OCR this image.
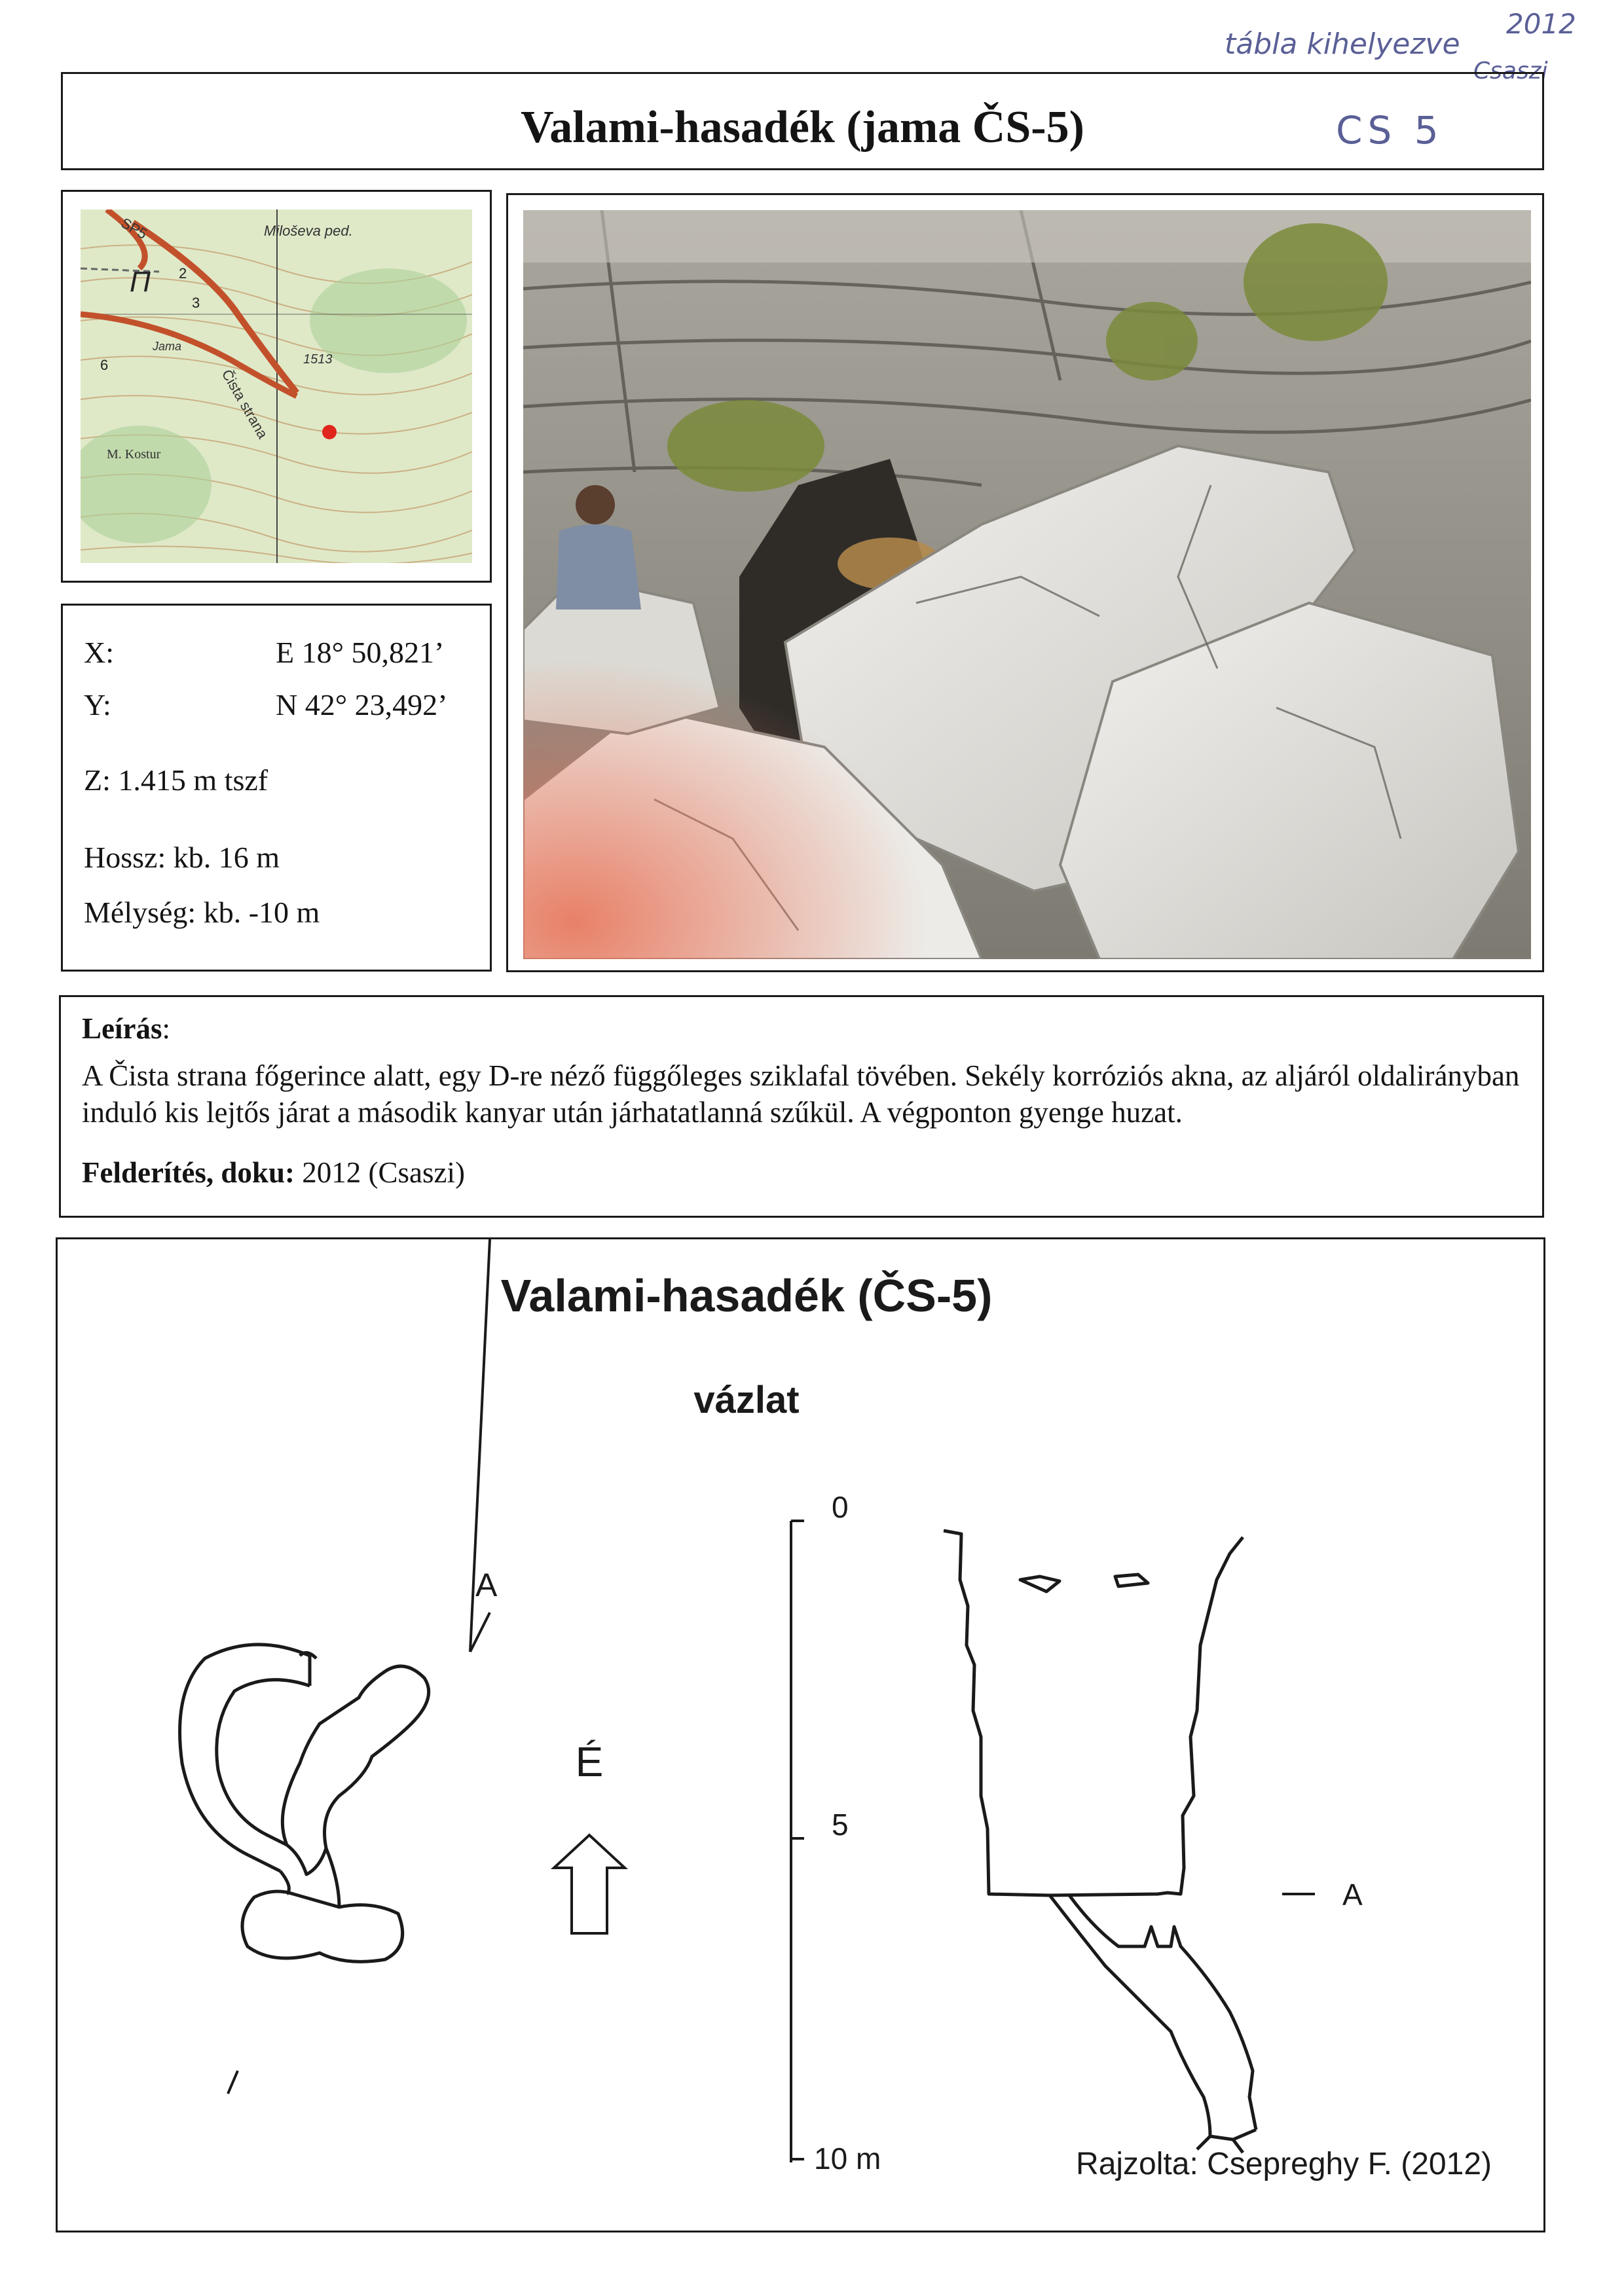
tábla kihelyezve
2012
Csaszi
Valami-hasadék (jama ČS-5)	CS 5
Miloševa ped.
SP5
Jama
1513
M. Kostur
Čista strana
3
2
6
Π
X:	E 18° 50,821’
Y:	N 42° 23,492’
Z: 1.415 m tszf
Hossz: kb. 16 m
Mélység: kb. -10 m
Leírás:
A Čista strana főgerince alatt, egy D-re néző függőleges sziklafal tövében. Sekély korróziós akna, az aljáról oldalirányban induló kis lejtős járat a második kanyar után járhatatlanná szűkül. A végponton gyenge huzat.
Felderítés, doku: 2012 (Csaszi)
Valami-hasadék (ČS-5)
vázlat
A
É
0
5
10 m
A
Rajzolta: Csepreghy F. (2012)
